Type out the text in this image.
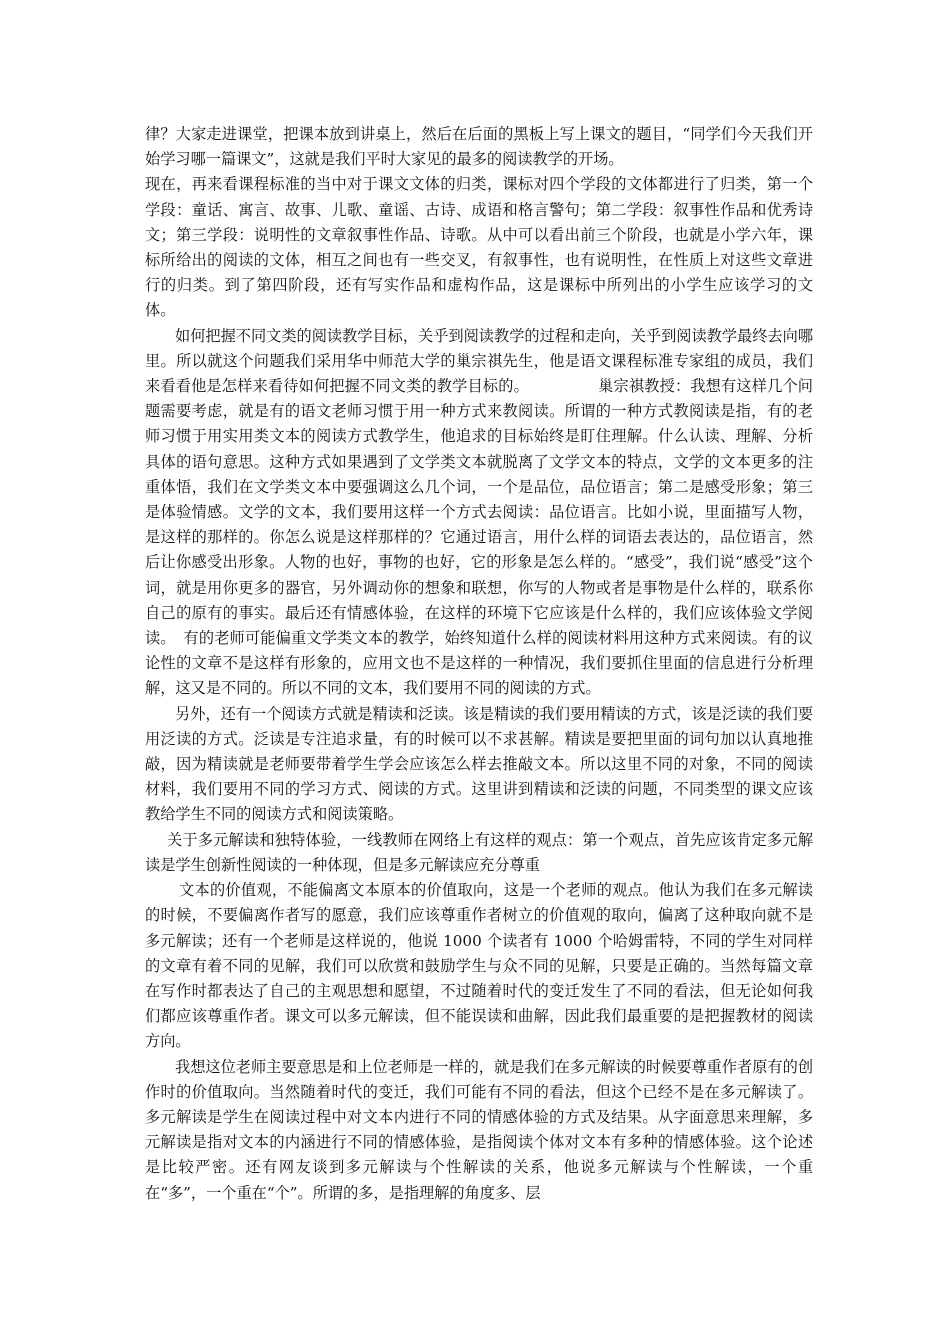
律？大家走进课堂，把课本放到讲桌上，然后在后面的黑板上写上课文的题目，“同学们今天我们开始学习哪一篇课文”，这就是我们平时大家见的最多的阅读教学的开场。

现在，再来看课程标准的当中对于课文文体的归类，课标对四个学段的文体都进行了归类，第一个学段：童话、寓言、故事、儿歌、童谣、古诗、成语和格言警句；第二学段：叙事性作品和优秀诗文；第三学段：说明性的文章叙事性作品、诗歌。从中可以看出前三个阶段，也就是小学六年，课标所给出的阅读的文体，相互之间也有一些交叉，有叙事性，也有说明性，在性质上对这些文章进行的归类。到了第四阶段，还有写实作品和虚构作品，这是课标中所列出的小学生应该学习的文体。

如何把握不同文类的阅读教学目标，关乎到阅读教学的过程和走向，关乎到阅读教学最终去向哪里。所以就这个问题我们采用华中师范大学的巢宗祺先生，他是语文课程标准专家组的成员，我们来看看他是怎样来看待如何把握不同文类的教学目标的。　　　　　巢宗祺教授：我想有这样几个问题需要考虑，就是有的语文老师习惯于用一种方式来教阅读。所谓的一种方式教阅读是指，有的老师习惯于用实用类文本的阅读方式教学生，他追求的目标始终是盯住理解。什么认读、理解、分析具体的语句意思。这种方式如果遇到了文学类文本就脱离了文学文本的特点，文学的文本更多的注重体悟，我们在文学类文本中要强调这么几个词，一个是品位，品位语言；第二是感受形象；第三是体验情感。文学的文本，我们要用这样一个方式去阅读：品位语言。比如小说，里面描写人物，是这样的那样的。你怎么说是这样那样的？它通过语言，用什么样的词语去表达的，品位语言，然后让你感受出形象。人物的也好，事物的也好，它的形象是怎么样的。“感受”，我们说“感受”这个词，就是用你更多的器官，另外调动你的想象和联想，你写的人物或者是事物是什么样的，联系你自己的原有的事实。最后还有情感体验，在这样的环境下它应该是什么样的，我们应该体验文学阅读。　有的老师可能偏重文学类文本的教学，始终知道什么样的阅读材料用这种方式来阅读。有的议论性的文章不是这样有形象的，应用文也不是这样的一种情况，我们要抓住里面的信息进行分析理解，这又是不同的。所以不同的文本，我们要用不同的阅读的方式。

另外，还有一个阅读方式就是精读和泛读。该是精读的我们要用精读的方式，该是泛读的我们要用泛读的方式。泛读是专注追求量，有的时候可以不求甚解。精读是要把里面的词句加以认真地推敲，因为精读就是老师要带着学生学会应该怎么样去推敲文本。所以这里不同的对象，不同的阅读材料，我们要用不同的学习方式、阅读的方式。这里讲到精读和泛读的问题，不同类型的课文应该教给学生不同的阅读方式和阅读策略。

关于多元解读和独特体验，一线教师在网络上有这样的观点：第一个观点，首先应该肯定多元解读是学生创新性阅读的一种体现，但是多元解读应充分尊重

文本的价值观，不能偏离文本原本的价值取向，这是一个老师的观点。他认为我们在多元解读的时候，不要偏离作者写的愿意，我们应该尊重作者树立的价值观的取向，偏离了这种取向就不是多元解读；还有一个老师是这样说的，他说 1000 个读者有 1000 个哈姆雷特，不同的学生对同样的文章有着不同的见解，我们可以欣赏和鼓励学生与众不同的见解，只要是正确的。当然每篇文章在写作时都表达了自己的主观思想和愿望，不过随着时代的变迁发生了不同的看法，但无论如何我们都应该尊重作者。课文可以多元解读，但不能误读和曲解，因此我们最重要的是把握教材的阅读方向。

我想这位老师主要意思是和上位老师是一样的，就是我们在多元解读的时候要尊重作者原有的创作时的价值取向。当然随着时代的变迁，我们可能有不同的看法，但这个已经不是在多元解读了。多元解读是学生在阅读过程中对文本内进行不同的情感体验的方式及结果。从字面意思来理解，多元解读是指对文本的内涵进行不同的情感体验，是指阅读个体对文本有多种的情感体验。这个论述是比较严密。还有网友谈到多元解读与个性解读的关系，他说多元解读与个性解读，一个重在“多”，一个重在“个”。所谓的多，是指理解的角度多、层
